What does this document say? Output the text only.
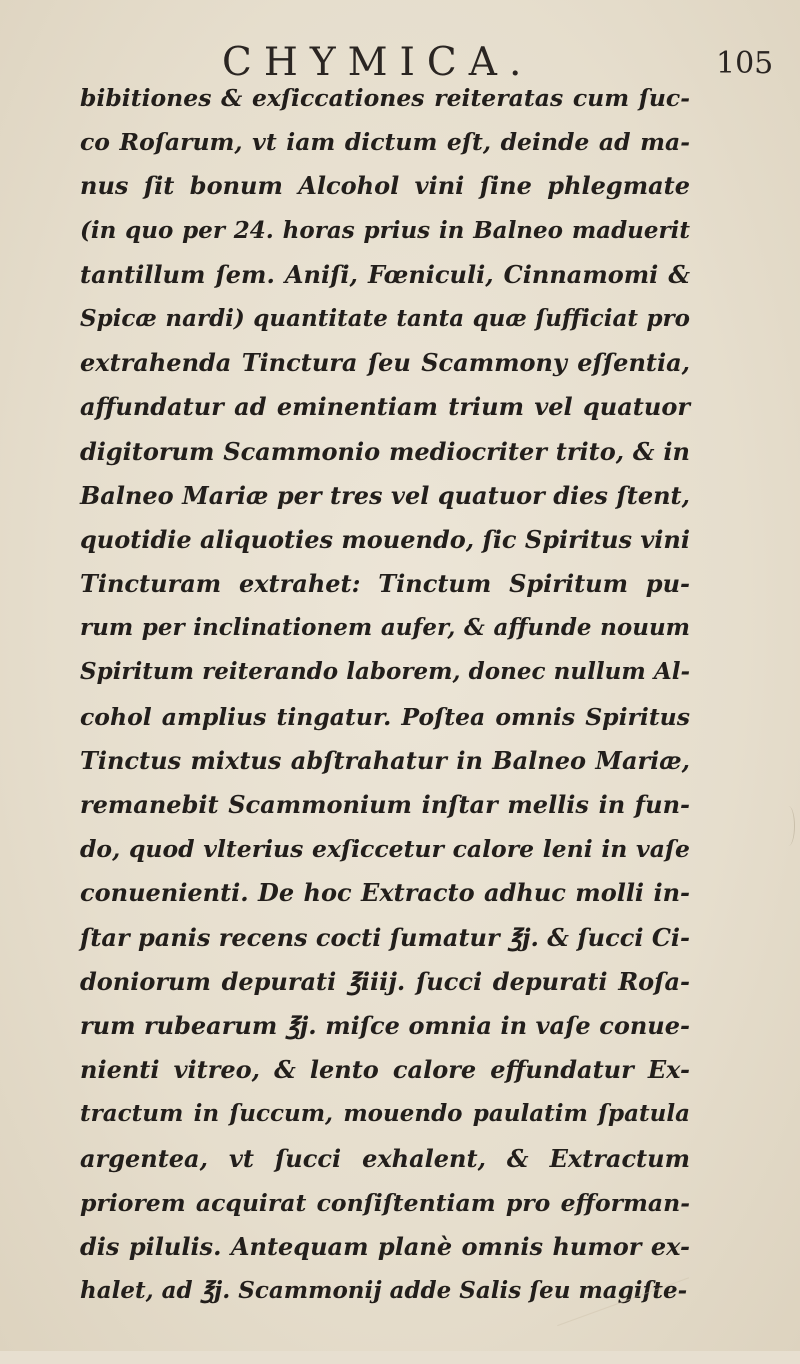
CHYMICA.	105
bibitiones & exſiccationes reiteratas cum ſuc-
co Roſarum, vt iam dictum eſt, deinde ad ma-
nus ſit bonum Alcohol vini ſine phlegmate
(in quo per 24. horas prius in Balneo maduerit
tantillum ſem. Aniſi, Fœniculi, Cinnamomi &
Spicæ nardi) quantitate tanta quæ ſufficiat pro
extrahenda Tinctura ſeu Scammony eſſentia,
affundatur ad eminentiam trium vel quatuor
digitorum Scammonio mediocriter trito, & in
Balneo Mariæ per tres vel quatuor dies ſtent,
quotidie aliquoties mouendo, ſic Spiritus vini
Tincturam extrahet: Tinctum Spiritum pu-
rum per inclinationem aufer, & affunde nouum
Spiritum reiterando laborem, donec nullum Al-
cohol amplius tingatur. Poſtea omnis Spiritus
Tinctus mixtus abſtrahatur in Balneo Mariæ,
remanebit Scammonium inſtar mellis in fun-
do, quod vlterius exſiccetur calore leni in vaſe
conuenienti. De hoc Extracto adhuc molli in-
ſtar panis recens cocti ſumatur ℥j. & ſucci Ci-
doniorum depurati ℥iiij. ſucci depurati Roſa-
rum rubearum ℥j. miſce omnia in vaſe conue-
nienti vitreo, & lento calore effundatur Ex-
tractum in ſuccum, mouendo paulatim ſpatula
argentea, vt ſucci exhalent, & Extractum
priorem acquirat conſiſtentiam pro efforman-
dis pilulis. Antequam planè omnis humor ex-
halet, ad ℥j. Scammonij adde Salis ſeu magiſte-
